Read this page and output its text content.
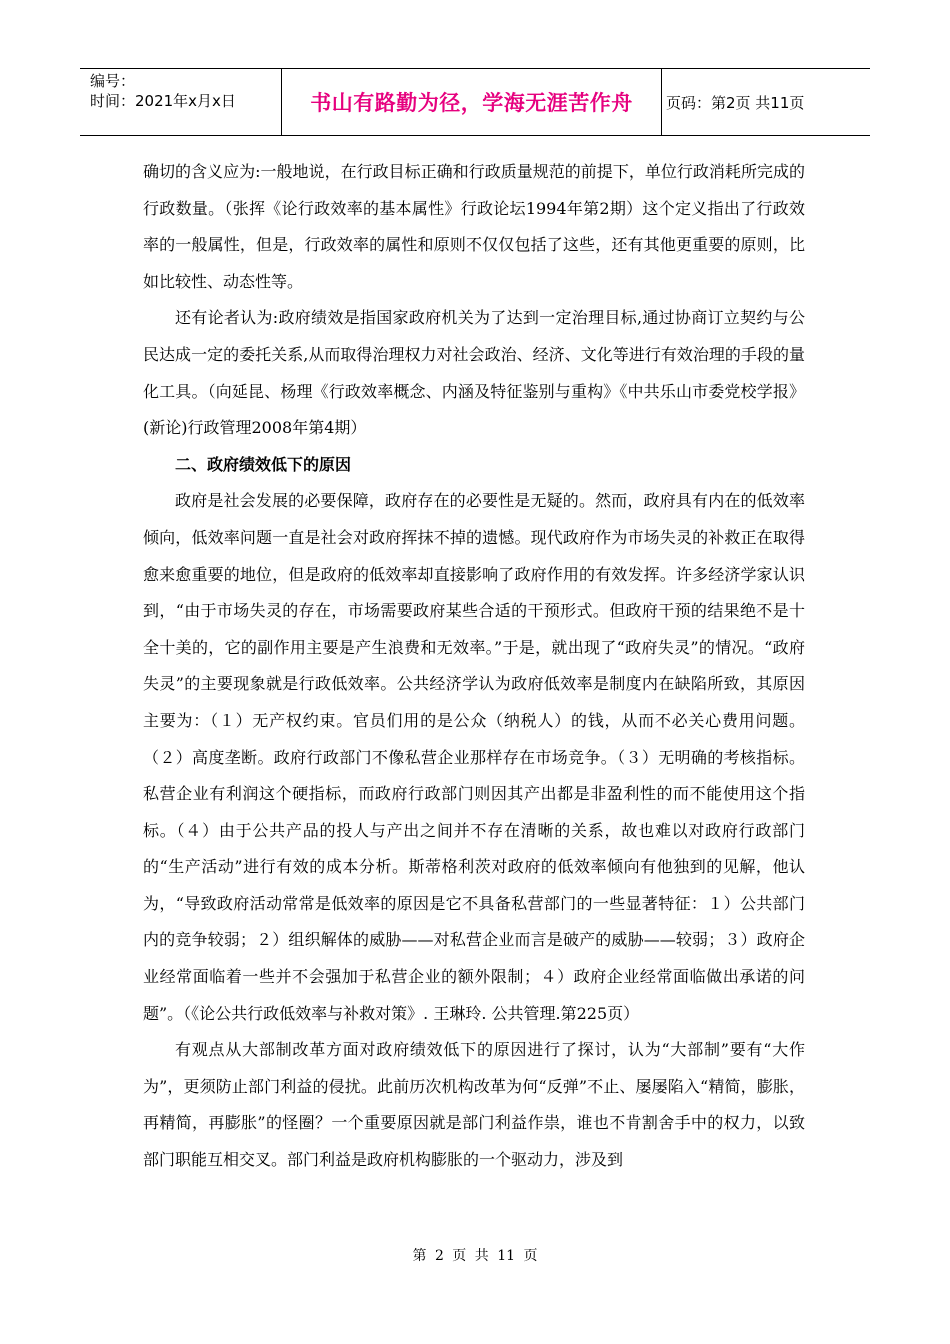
编号：
时间：2021年x月x日	书山有路勤为径，学海无涯苦作舟 页码：第2页 共11页

确切的含义应为:一般地说，在行政目标正确和行政质量规范的前提下，单位行政消耗所完成的行政数量。（张挥《论行政效率的基本属性》行政论坛1994年第2期）这个定义指出了行政效率的一般属性，但是，行政效率的属性和原则不仅仅包括了这些，还有其他更重要的原则，比如比较性、动态性等。

还有论者认为:政府绩效是指国家政府机关为了达到一定治理目标,通过协商订立契约与公民达成一定的委托关系,从而取得治理权力对社会政治、经济、文化等进行有效治理的手段的量化工具。（向延昆、杨理《行政效率概念、内涵及特征鉴别与重构》《中共乐山市委党校学报》(新论)行政管理2008年第4期）

二、政府绩效低下的原因

政府是社会发展的必要保障，政府存在的必要性是无疑的。然而，政府具有内在的低效率倾向，低效率问题一直是社会对政府挥抹不掉的遗憾。现代政府作为市场失灵的补救正在取得愈来愈重要的地位，但是政府的低效率却直接影响了政府作用的有效发挥。许多经济学家认识到，“由于市场失灵的存在，市场需要政府某些合适的干预形式。但政府干预的结果绝不是十全十美的，它的副作用主要是产生浪费和无效率。”于是，就出现了“政府失灵”的情况。“政府失灵”的主要现象就是行政低效率。公共经济学认为政府低效率是制度内在缺陷所致，其原因主要为：（１）无产权约束。官员们用的是公众（纳税人）的钱，从而不必关心费用问题。（２）高度垄断。政府行政部门不像私营企业那样存在市场竞争。（３）无明确的考核指标。私营企业有利润这个硬指标，而政府行政部门则因其产出都是非盈利性的而不能使用这个指标。（４）由于公共产品的投人与产出之间并不存在清晰的关系，故也难以对政府行政部门的“生产活动”进行有效的成本分析。斯蒂格利茨对政府的低效率倾向有他独到的见解，他认为，“导致政府活动常常是低效率的原因是它不具备私营部门的一些显著特征：１）公共部门内的竞争较弱；２）组织解体的威胁——对私营企业而言是破产的威胁——较弱；３）政府企业经常面临着一些并不会强加于私营企业的额外限制；４）政府企业经常面临做出承诺的问题”。（《论公共行政低效率与补救对策》. 王琳玲. 公共管理.第225页）

有观点从大部制改革方面对政府绩效低下的原因进行了探讨，认为“大部制”要有“大作为”，更须防止部门利益的侵扰。此前历次机构改革为何“反弹”不止、屡屡陷入“精简，膨胀，再精简，再膨胀”的怪圈？一个重要原因就是部门利益作祟，谁也不肯割舍手中的权力，以致部门职能互相交叉。部门利益是政府机构膨胀的一个驱动力，涉及到

第 2 页 共 11 页
